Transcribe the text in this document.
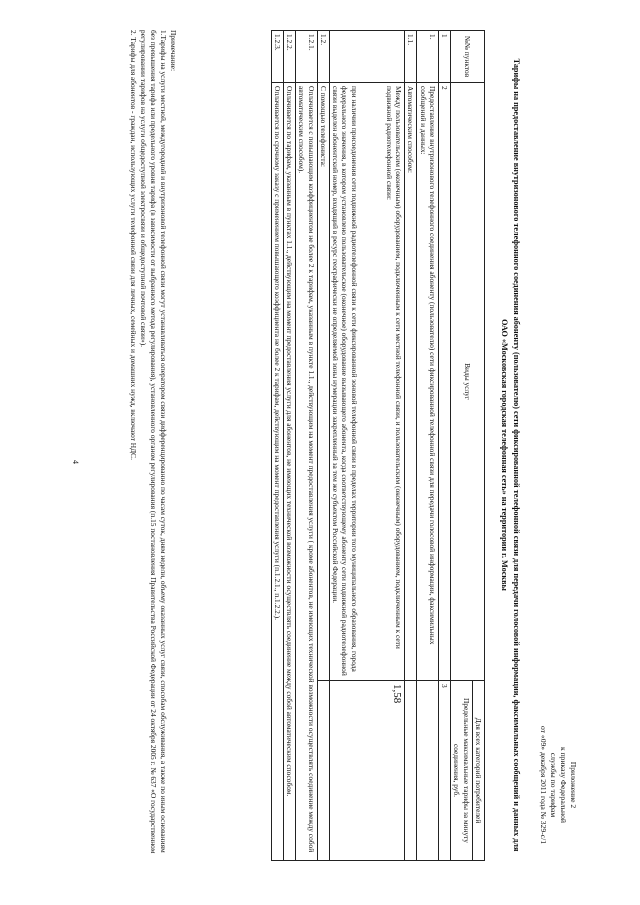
Приложение 2
к приказу Федеральной
службы по тарифам
от «09» декабря 2011 года № 329-с/1
Тарифы на предоставление внутризонового телефонного соединения абоненту (пользователю) сети фиксированной телефонной связи для передачи голосовой информации, факсимильных сообщений и данных для ОАО «Московская городская телефонная сеть» на территории г. Москвы
№№ пунктов	Виды услуг	Для всех категорий потребителей
		Предельные максимальные тарифы за минуту соединения, руб.
1	2	3
1.	Предоставление внутризонового телефонного соединения абоненту (пользователю) сети фиксированной телефонной связи для передачи голосовой информации, факсимильных сообщений и данных:	
1.1.	Автоматическим способом:	

	Между пользовательским (оконечным) оборудованием, подключенным к сети местной телефонной связи, и пользовательским (оконечным) оборудованием, подключенным к сети подвижной радиотелефонной связи:
при наличии присоединения сети подвижной радиотелефонной связи к сети фиксированной зоновой телефонной связи в пределах территории того муниципального образования, города федерального значения, в котором установлено пользовательское (оконечное) оборудование вызывающего абонента, когда соответствующему абоненту сети подвижной радиотелефонной связи выделен абонентский номер, входящий в ресурс географически не определяемой зоны нумерации закрепленный за тем же субъектом Российской Федерации.	1,58
1.2.	С помощью телефониста:	
1.2.1.	Оплачивается с повышающим коэффициентом не более 2 к тарифам, указанным в пункте 1.1., действующим на момент предоставления услуги ( кроме абонентов, не имеющих технической возможности осуществлять соединение между собой автоматическим способом).	
1.2.2.	Оплачивается по тарифам, указанным в пунктах 1.1., действующим на момент предоставления услуги для абонентов, не имеющих технической возможности осуществлять соединение между собой автоматическим способом.	
1.2.3.	Оплачивается по срочному заказу с применением повышающего коэффициента не более 2 к тарифам, действующим на момент предоставления услуги (п.1.2.1., п.1.2.2.).	
Примечание:
1.Тарифы на услуги местной, междугородной и внутризоновой телефонной связи могут устанавливаться оператором связи дифференцированно по часам суток, дням недели, объему оказанных услуг связи, способам обслуживания, а также по иным основаниям без превышения тарифа или предельного уровня тарифа (в зависимости от выбранного метода регулирования), установленного органом регулирования (п.15 постановления Правительства Российской Федерации от 24 октября 2005 г. № 637 «О государственном регулировании тарифов на услуги общедоступной электросвязи и общедоступной почтовой связи»).
2. Тарифы для абонентов - граждан, использующих услуги телефонной связи для личных, семейных и домашних нужд, включают НДС.
4
